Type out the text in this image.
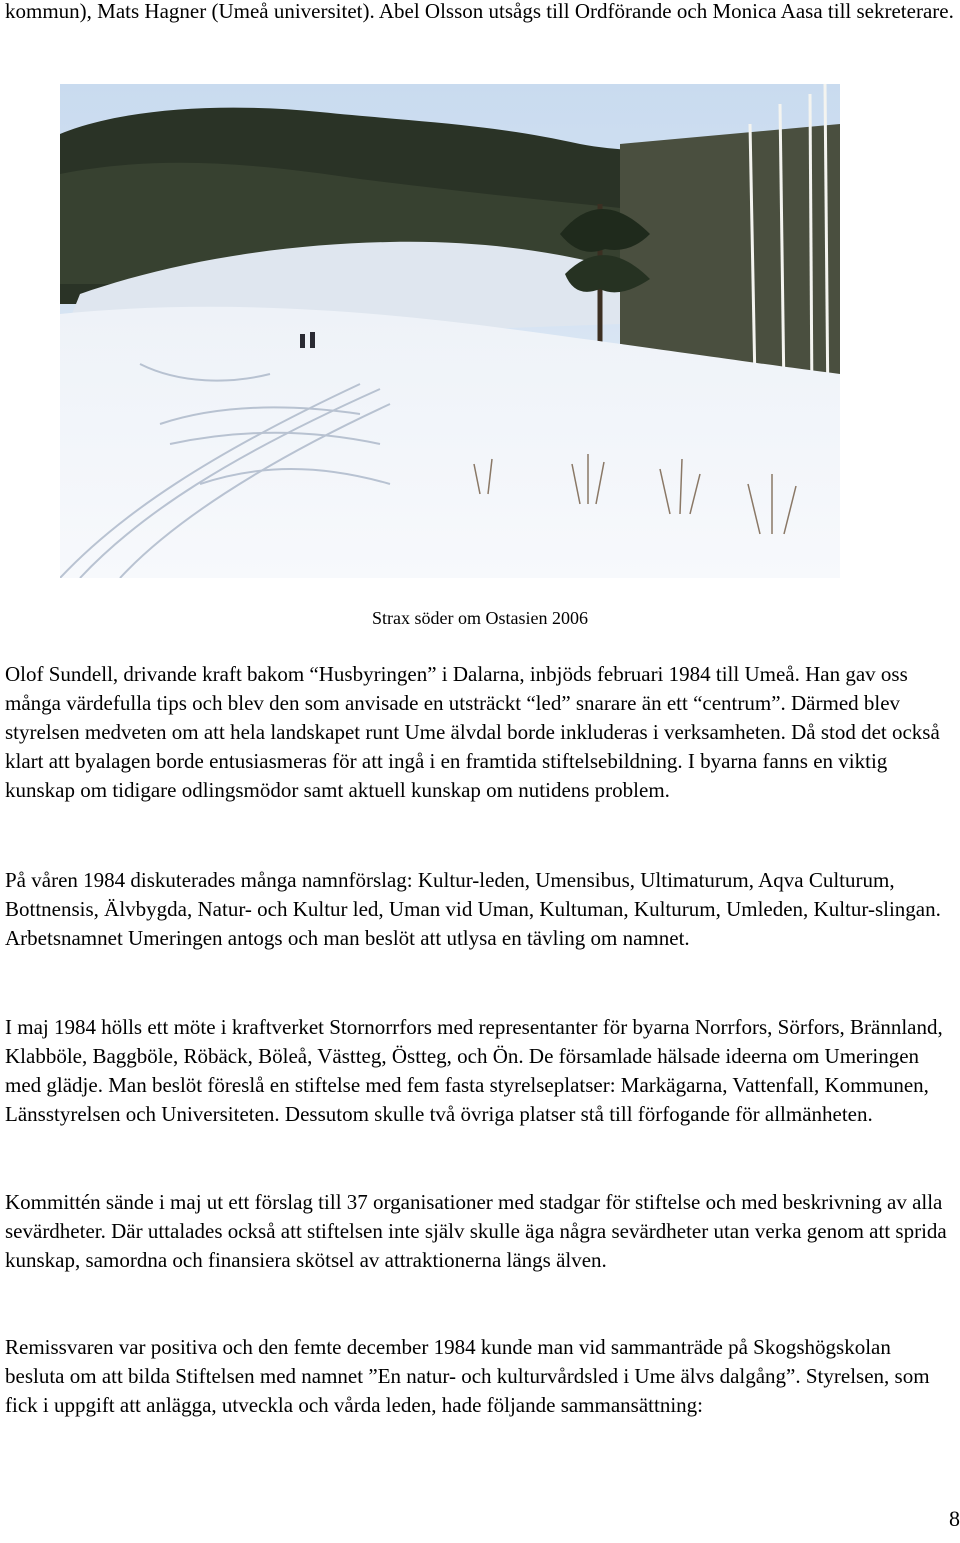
kommun), Mats Hagner (Umeå universitet). Abel Olsson utsågs till Ordförande och Monica Aasa till sekreterare.

Strax söder om Ostasien 2006

Olof Sundell, drivande kraft bakom “Husbyringen” i Dalarna, inbjöds februari 1984 till Umeå. Han gav oss många värdefulla tips och blev den som anvisade en utsträckt “led” snarare än ett “centrum”. Därmed blev styrelsen medveten om att hela landskapet runt Ume älvdal borde inkluderas i verksamheten. Då stod det också klart att byalagen borde entusiasmeras för att ingå i en framtida stiftelsebildning. I byarna fanns en viktig kunskap om tidigare odlingsmödor samt aktuell kunskap om nutidens problem.

På våren 1984 diskuterades många namnförslag: Kultur-leden, Umensibus, Ultimaturum, Aqva Culturum, Bottnensis, Älvbygda, Natur- och Kultur led, Uman vid Uman, Kultuman, Kulturum, Umleden, Kultur-slingan. Arbetsnamnet Umeringen antogs och man beslöt att utlysa en tävling om namnet.

I maj 1984 hölls ett möte i kraftverket Stornorrfors med representanter för byarna Norrfors, Sörfors, Brännland, Klabböle, Baggböle, Röbäck, Böleå, Västteg, Östteg, och Ön. De församlade hälsade ideerna om Umeringen med glädje. Man beslöt föreslå en stiftelse med fem fasta styrelseplatser: Markägarna, Vattenfall, Kommunen, Länsstyrelsen och Universiteten. Dessutom skulle två övriga platser stå till förfogande för allmänheten.

Kommittén sände i maj ut ett förslag till 37 organisationer med stadgar för stiftelse och med beskrivning av alla sevärdheter. Där uttalades också att stiftelsen inte själv skulle äga några sevärdheter utan verka genom att sprida kunskap, samordna och finansiera skötsel av attraktionerna längs älven.

Remissvaren var positiva och den femte december 1984 kunde man vid sammanträde på Skogshögskolan besluta om att bilda Stiftelsen med namnet ”En natur- och kulturvårdsled i Ume älvs dalgång”. Styrelsen, som fick i uppgift att anlägga, utveckla och vårda leden, hade följande sammansättning:

8
